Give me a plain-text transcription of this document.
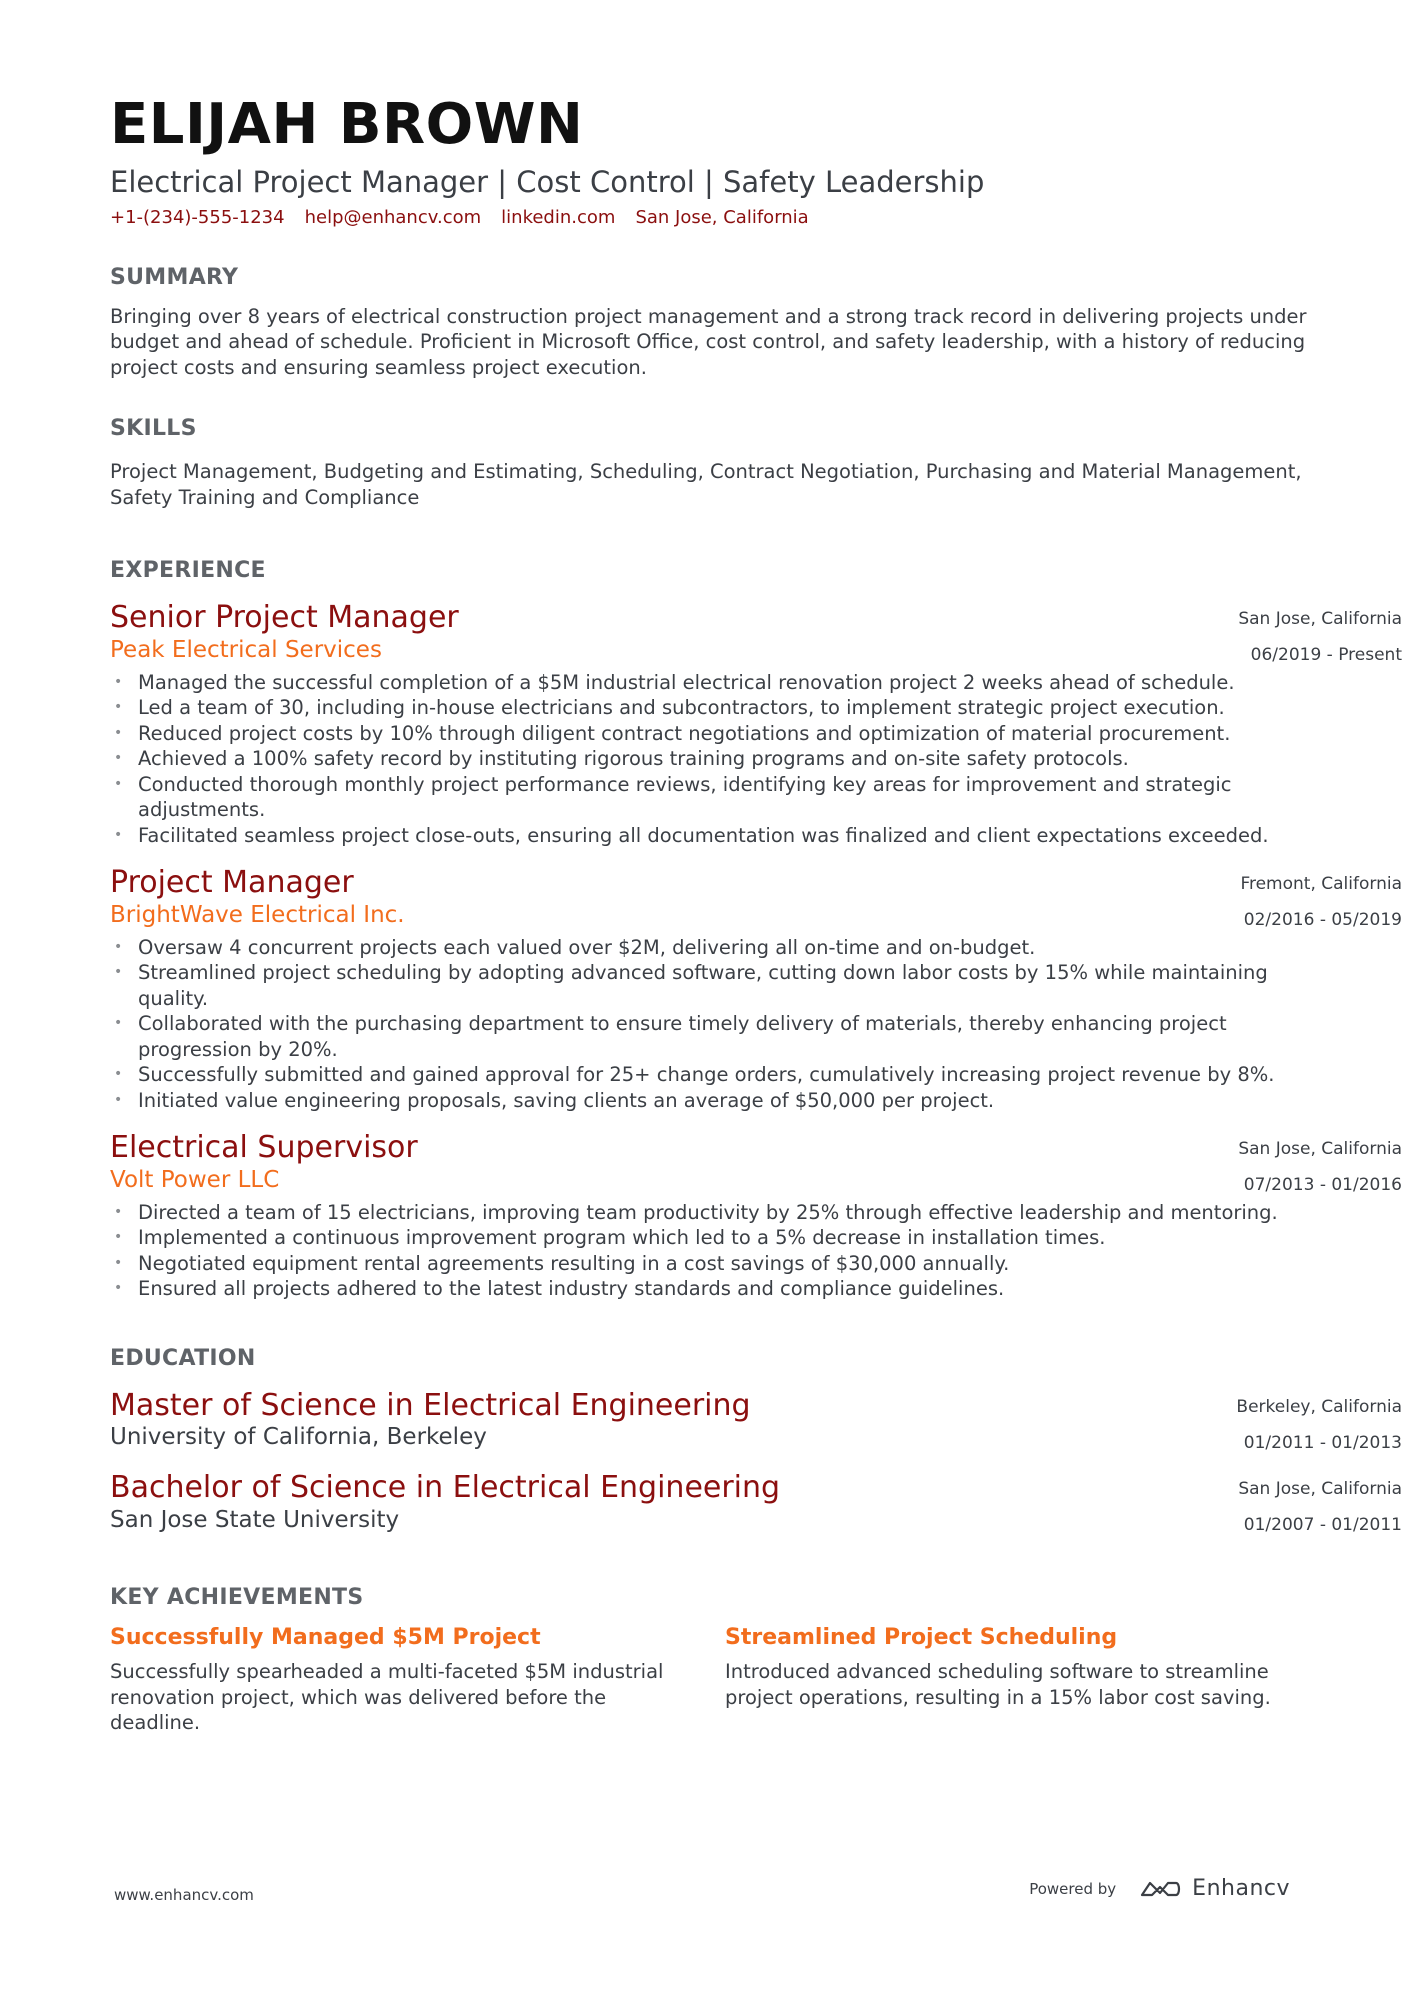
ELIJAH BROWN
Electrical Project Manager | Cost Control | Safety Leadership
+1-(234)-555-1234 help@enhancv.com linkedin.com San Jose, California
SUMMARY
Bringing over 8 years of electrical construction project management and a strong track record in delivering projects under budget and ahead of schedule. Proficient in Microsoft Office, cost control, and safety leadership, with a history of reducing project costs and ensuring seamless project execution.
SKILLS
Project Management, Budgeting and Estimating, Scheduling, Contract Negotiation, Purchasing and Material Management, Safety Training and Compliance
EXPERIENCE
Senior Project Manager
Peak Electrical Services
San Jose, California
06/2019 - Present
• Managed the successful completion of a $5M industrial electrical renovation project 2 weeks ahead of schedule.
• Led a team of 30, including in-house electricians and subcontractors, to implement strategic project execution.
• Reduced project costs by 10% through diligent contract negotiations and optimization of material procurement.
• Achieved a 100% safety record by instituting rigorous training programs and on-site safety protocols.
• Conducted thorough monthly project performance reviews, identifying key areas for improvement and strategic adjustments.
• Facilitated seamless project close-outs, ensuring all documentation was finalized and client expectations exceeded.
Project Manager
BrightWave Electrical Inc.
Fremont, California
02/2016 - 05/2019
• Oversaw 4 concurrent projects each valued over $2M, delivering all on-time and on-budget.
• Streamlined project scheduling by adopting advanced software, cutting down labor costs by 15% while maintaining quality.
• Collaborated with the purchasing department to ensure timely delivery of materials, thereby enhancing project progression by 20%.
• Successfully submitted and gained approval for 25+ change orders, cumulatively increasing project revenue by 8%.
• Initiated value engineering proposals, saving clients an average of $50,000 per project.
Electrical Supervisor
Volt Power LLC
San Jose, California
07/2013 - 01/2016
• Directed a team of 15 electricians, improving team productivity by 25% through effective leadership and mentoring.
• Implemented a continuous improvement program which led to a 5% decrease in installation times.
• Negotiated equipment rental agreements resulting in a cost savings of $30,000 annually.
• Ensured all projects adhered to the latest industry standards and compliance guidelines.
EDUCATION
Master of Science in Electrical Engineering
University of California, Berkeley
Berkeley, California
01/2011 - 01/2013
Bachelor of Science in Electrical Engineering
San Jose State University
San Jose, California
01/2007 - 01/2011
KEY ACHIEVEMENTS
Successfully Managed $5M Project
Successfully spearheaded a multi-faceted $5M industrial renovation project, which was delivered before the deadline.
Streamlined Project Scheduling
Introduced advanced scheduling software to streamline project operations, resulting in a 15% labor cost saving.
www.enhancv.com	Powered by	Enhancv
